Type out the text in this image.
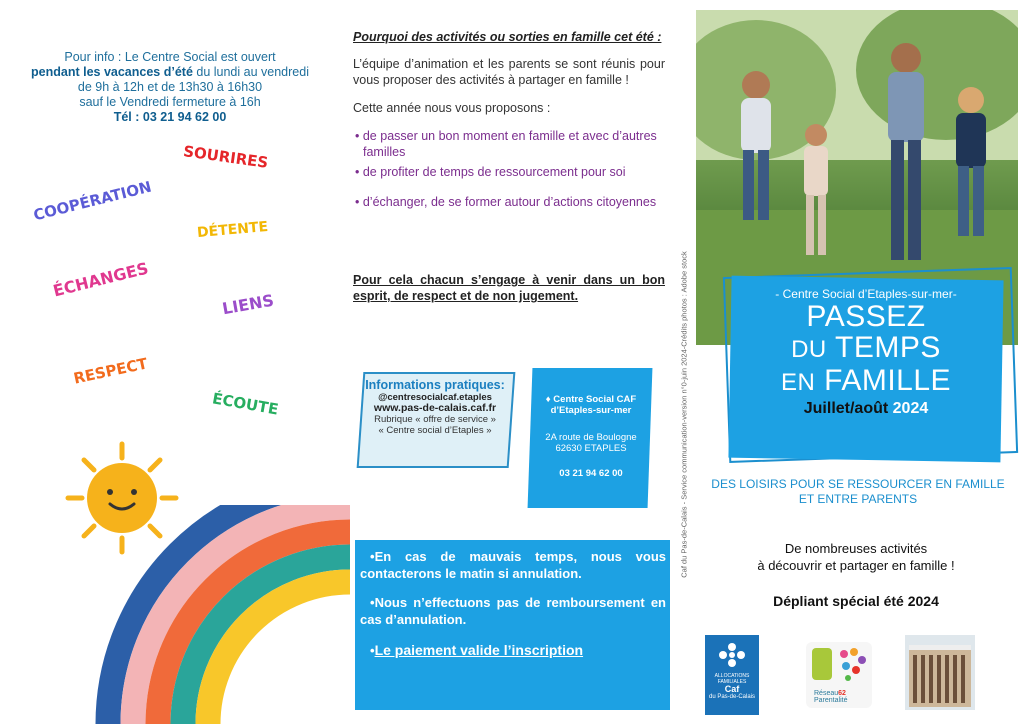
Pour info : Le Centre Social est ouvert
pendant les vacances d’été du lundi au vendredi
de 9h à 12h et de 13h30 à 16h30
sauf le Vendredi fermeture à 16h
Tél : 03 21 94 62 00
SOURIRES
COOPÉRATION
DÉTENTE
ÉCHANGES
LIENS
RESPECT
ÉCOUTE
Pourquoi des activités ou sorties en famille cet été :
L’équipe d’animation et les parents se sont réunis pour vous proposer des activités à partager en famille !
Cette année nous vous proposons :
• de passer un bon moment en famille et avec d’autres familles
• de profiter de temps de ressourcement pour soi
• d’échanger, de se former autour d’actions citoyennes
Pour cela chacun s’engage à venir dans un bon esprit, de respect et de non jugement.
Informations pratiques:
@centresocialcaf.etaples
www.pas-de-calais.caf.fr
Rubrique « offre de service »
« Centre social d’Etaples »
♦ Centre Social CAF
d’Etaples-sur-mer
2A route de Boulogne
62630 ETAPLES
03 21 94 62 00
•En cas de mauvais temps, nous vous contacterons le matin si annulation.
•Nous n’effectuons pas de remboursement en cas d’annulation.
•Le paiement valide l’inscription
Caf du Pas-de-Calais - Service communication-version n°0-juin 2024-Crédits photos : Adobe stock	- Centre Social d’Etaples-sur-mer-
PASSEZ
DU TEMPS
EN FAMILLE
Juillet/août 2024
DES LOISIRS POUR SE RESSOURCER EN FAMILLE ET ENTRE PARENTS
De nombreuses activités
à découvrir et partager en famille !
Dépliant spécial été 2024
ALLOCATIONS FAMILIALES
Caf
du Pas-de-Calais	Réseau62
Parentalité
